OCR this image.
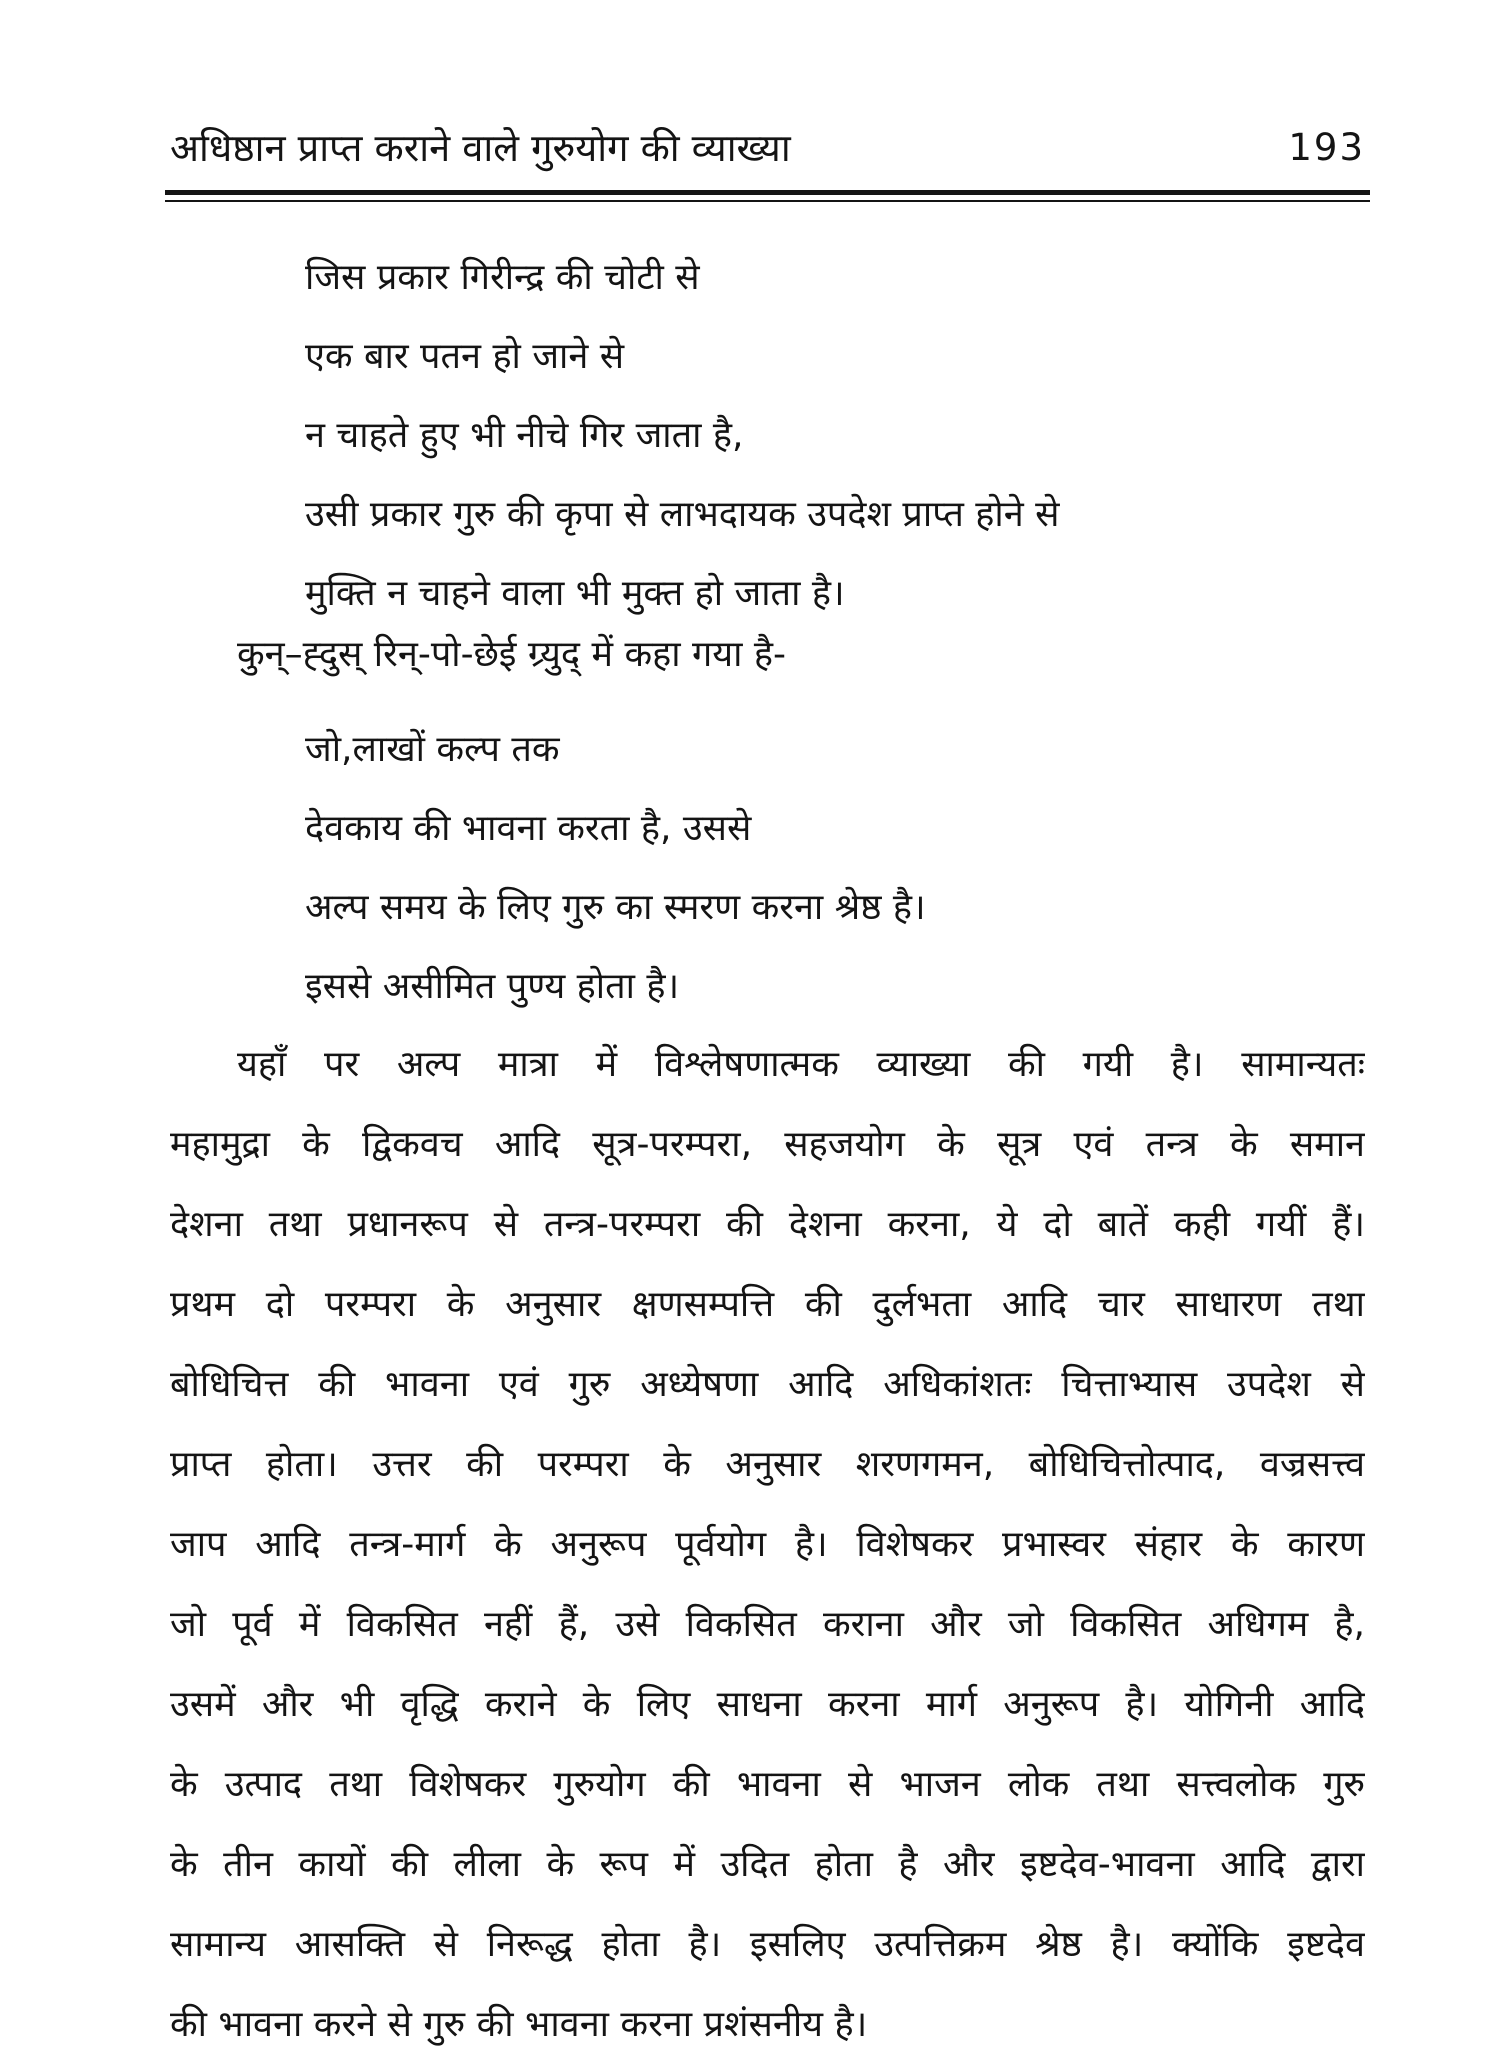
अधिष्ठान प्राप्त कराने वाले गुरुयोग की व्याख्या	193
जिस प्रकार गिरीन्द्र की चोटी से
एक बार पतन हो जाने से
न चाहते हुए भी नीचे गिर जाता है,
उसी प्रकार गुरु की कृपा से लाभदायक उपदेश प्राप्त होने से
मुक्ति न चाहने वाला भी मुक्त हो जाता है।
कुन्–ह्दुस् रिन्-पो-छेई ग्र्युद् में कहा गया है-
जो,लाखों कल्प तक
देवकाय की भावना करता है, उससे
अल्प समय के लिए गुरु का स्मरण करना श्रेष्ठ है।
इससे असीमित पुण्य होता है।
यहाँ पर अल्प मात्रा में विश्लेषणात्मक व्याख्या की गयी है। सामान्यतः
महामुद्रा के द्विकवच आदि सूत्र-परम्परा, सहजयोग के सूत्र एवं तन्त्र के समान
देशना तथा प्रधानरूप से तन्त्र-परम्परा की देशना करना, ये दो बातें कही गयीं हैं।
प्रथम दो परम्परा के अनुसार क्षणसम्पत्ति की दुर्लभता आदि चार साधारण तथा
बोधिचित्त की भावना एवं गुरु अध्येषणा आदि अधिकांशतः चित्ताभ्यास उपदेश से
प्राप्त होता। उत्तर की परम्परा के अनुसार शरणगमन, बोधिचित्तोत्पाद, वज्रसत्त्व
जाप आदि तन्त्र-मार्ग के अनुरूप पूर्वयोग है। विशेषकर प्रभास्वर संहार के कारण
जो पूर्व में विकसित नहीं हैं, उसे विकसित कराना और जो विकसित अधिगम है,
उसमें और भी वृद्धि कराने के लिए साधना करना मार्ग अनुरूप है। योगिनी आदि
के उत्पाद तथा विशेषकर गुरुयोग की भावना से भाजन लोक तथा सत्त्वलोक गुरु
के तीन कायों की लीला के रूप में उदित होता है और इष्टदेव-भावना आदि द्वारा
सामान्य आसक्ति से निरूद्ध होता है। इसलिए उत्पत्तिक्रम श्रेष्ठ है। क्योंकि इष्टदेव
की भावना करने से गुरु की भावना करना प्रशंसनीय है।
